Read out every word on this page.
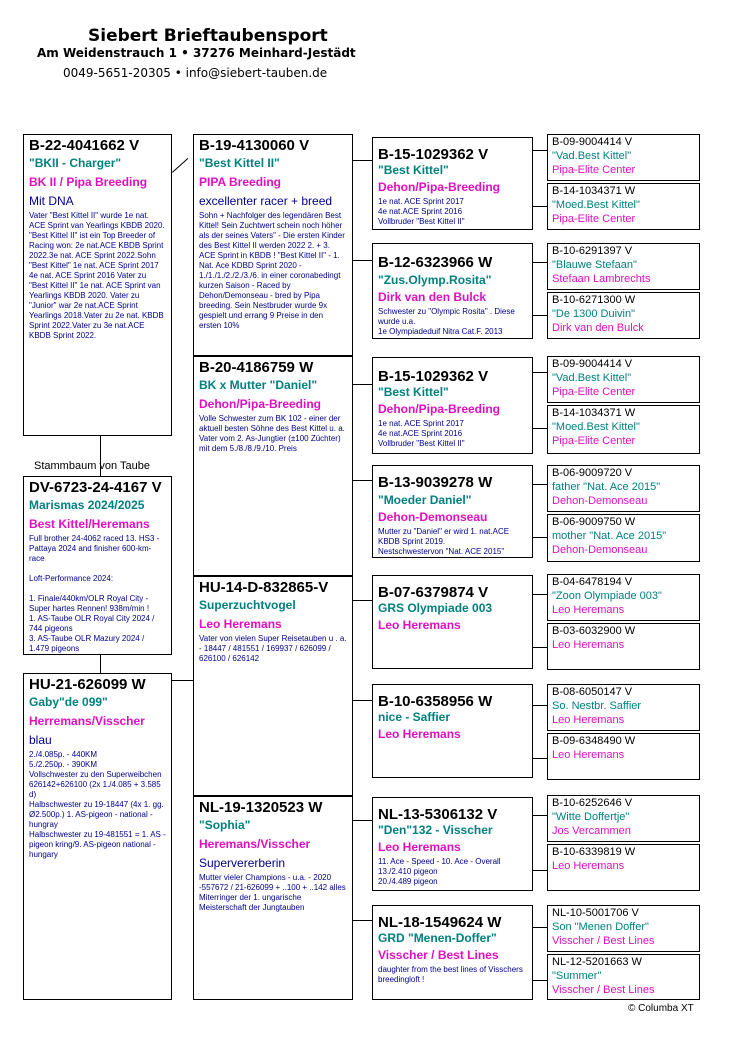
Siebert Brieftaubensport
Am Weidenstrauch 1 • 37276 Meinhard-Jestädt
0049-5651-20305 • info@siebert-tauben.de
Stammbaum von Taube
© Columba XT
B-22-4041662 V
"BKII - Charger"
BK II / Pipa Breeding
Mit DNA
Vater "Best Kittel II" wurde 1e nat. ACE Sprint van Yearlings KBDB 2020. "Best Kittel II" ist ein Top Breeder of Racing won: 2e nat.ACE KBDB Sprint 2022.3e nat. ACE Sprint 2022.Sohn "Best Kittel" 1e nat. ACE Sprint 2017 4e nat. ACE Sprint 2016 Vater zu "Best Kittel II" 1e nat. ACE Sprint van Yearlings KBDB 2020. Vater zu "Junior" war 2e nat.ACE Sprint Yearlings 2018.Vater zu 2e nat. KBDB Sprint 2022.Vater zu 3e nat.ACE KBDB Sprint 2022.
DV-6723-24-4167 V
Marismas 2024/2025
Best Kittel/Heremans
Full brother 24-4062 raced 13. HS3 - Pattaya 2024 and finisher 600-km-race

Loft-Performance 2024:

1. Finale/440km/OLR Royal City - Super hartes Rennen! 938m/min !
1. AS-Taube OLR Royal City 2024 / 744 pigeons
3. AS-Taube OLR Mazury 2024 / 1.479 pigeons
HU-21-626099 W
Gaby"de 099"
Herremans/Visscher
blau
2./4.085p. - 440KM
5./2.250p. - 390KM
Vollschwester zu den Superweibchen 626142+626100 (2x 1./4.085 + 3.585 d)
Halbschwester zu 19-18447 (4x 1. gg. Ø2.500p.) 1. AS-pigeon - national - hungray
Halbschwester zu 19-481551 = 1. AS -pigeon kring/9. AS-pigeon national - hungary
B-19-4130060 V
"Best Kittel II"
PIPA Breeding
excellenter racer + breed
Sohn + Nachfolger des legendären Best Kittel! Sein Zuchtwert schein noch höher als der seines Vaters" - Die ersten Kinder des Best Kittel II werden 2022 2. + 3. ACE Sprint in KBDB ! "Best Kittel II" - 1. Nat. Ace KDBD Sprint 2020 - 1./1./1./2./2./3./6. in einer coronabedingt kurzen Saison - Raced by Dehon/Demonseau - bred by Pipa breeding. Sein Nestbruder wurde 9x gespielt und errang 9 Preise in den ersten 10%
B-20-4186759 W
BK x Mutter "Daniel"
Dehon/Pipa-Breeding
Volle Schwester zum BK 102 - einer der aktuell besten Söhne des Best Kittel u. a. Vater vom 2. As-Jungtier (±100 Züchter) mit dem 5./8./8./9./10. Preis
HU-14-D-832865-V
Superzuchtvogel
Leo Heremans
Vater von vielen Super Reisetauben u . a. - 18447 / 481551 / 169937 / 626099 / 626100 / 626142
NL-19-1320523 W
"Sophia"
Heremans/Visscher
Supervererberin
Mutter vieler Champions - u.a. - 2020 -557672 / 21-626099 + ..100 + ..142 alles Miterringer der 1. ungarische Meisterschaft der Jungtauben
B-15-1029362 V
"Best Kittel"
Dehon/Pipa-Breeding
1e nat. ACE Sprint 2017
4e nat.ACE Sprint 2016
Vollbruder "Best Kittel II"
B-12-6323966 W
"Zus.Olymp.Rosita"
Dirk van den Bulck
Schwester zu "Olympic Rosita" . Diese wurde u.a.
1e Olympiadeduif Nitra Cat.F. 2013
B-15-1029362 V
"Best Kittel"
Dehon/Pipa-Breeding
1e nat. ACE Sprint 2017
4e nat.ACE Sprint 2016
Vollbruder "Best Kittel II"
B-13-9039278 W
"Moeder Daniel"
Dehon-Demonseau
Mutter zu "Daniel" er wird 1. nat.ACE KBDB Sprint 2019.
Nestschwestervon "Nat. ACE 2015"
B-07-6379874 V
GRS Olympiade 003
Leo Heremans
B-10-6358956 W
nice - Saffier
Leo Heremans
NL-13-5306132 V
"Den"132 - Visscher
Leo Heremans
11. Ace - Speed - 10. Ace - Overall
13./2.410 pigeon
20./4.489 pigeon
NL-18-1549624 W
GRD "Menen-Doffer"
Visscher / Best Lines
daughter from the best lines of Visschers breedingloft !
B-09-9004414 V
"Vad.Best Kittel"
Pipa-Elite Center
B-14-1034371 W
"Moed.Best Kittel"
Pipa-Elite Center
B-10-6291397 V
"Blauwe Stefaan"
Stefaan Lambrechts
B-10-6271300 W
"De 1300 Duivin"
Dirk van den Bulck
B-09-9004414 V
"Vad.Best Kittel"
Pipa-Elite Center
B-14-1034371 W
"Moed.Best Kittel"
Pipa-Elite Center
B-06-9009720 V
father "Nat. Ace 2015"
Dehon-Demonseau
B-06-9009750 W
mother "Nat. Ace 2015"
Dehon-Demonseau
B-04-6478194 V
"Zoon Olympiade 003"
Leo Heremans
B-03-6032900 W
Leo Heremans
B-08-6050147 V
So. Nestbr. Saffier
Leo Heremans
B-09-6348490 W
Leo Heremans
B-10-6252646 V
"Witte Doffertje"
Jos Vercammen
B-10-6339819 W
Leo Heremans
NL-10-5001706 V
Son "Menen Doffer"
Visscher / Best Lines
NL-12-5201663 W
"Summer"
Visscher / Best Lines
